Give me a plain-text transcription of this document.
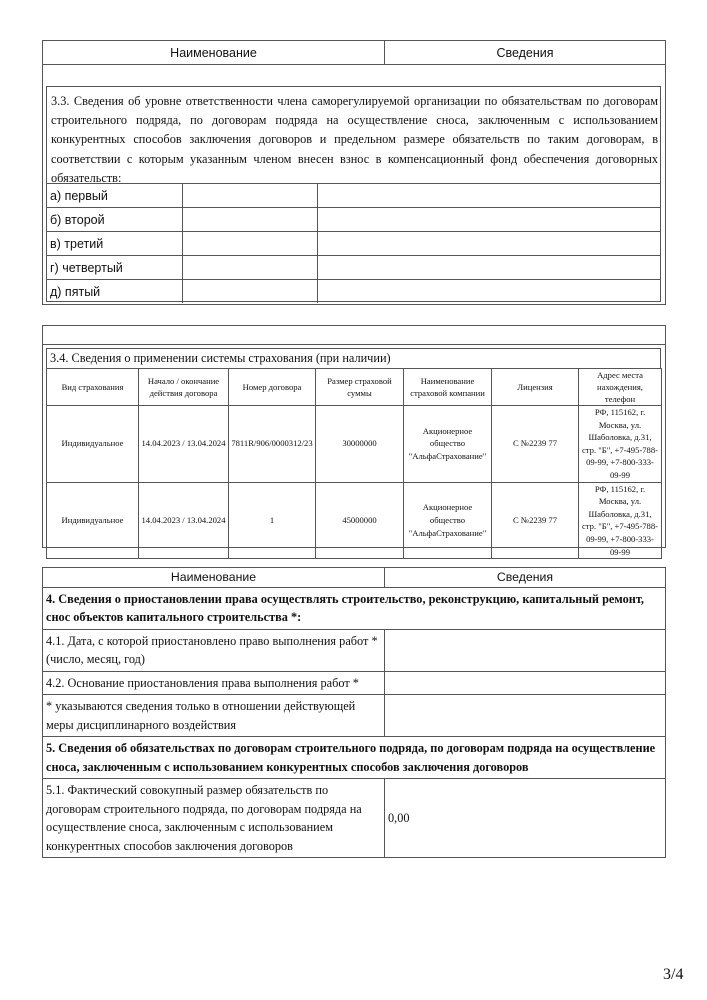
Наименование	Сведения
3.3. Сведения об уровне ответственности члена саморегулируемой организации по обязательствам по договорам строительного подряда, по договорам подряда на осуществление сноса, заключенным с использованием конкурентных способов заключения договоров и предельном размере обязательств по таким договорам, в соответствии с которым указанным членом внесен взнос в компенсационный фонд обеспечения договорных обязательств:
а) первый		
б) второй		
в) третий		
г) четвертый		
д) пятый		
3.4. Сведения о применении системы страхования (при наличии)
Вид страхования	Начало / окончание действия договора	Номер договора	Размер страховой суммы	Наименование страховой компании	Лицензия	Адрес места нахождения, телефон
Индивидуальное	14.04.2023 / 13.04.2024	7811R/906/0000312/23	30000000	Акционерное общество "АльфаСтрахование"	С №2239 77	РФ, 115162, г. Москва, ул. Шаболовка, д.31, стр. "Б", +7-495-788-09-99, +7-800-333-09-99
Индивидуальное	14.04.2023 / 13.04.2024	1	45000000	Акционерное общество "АльфаСтрахование"	С №2239 77	РФ, 115162, г. Москва, ул. Шаболовка, д.31, стр. "Б", +7-495-788-09-99, +7-800-333-09-99
Наименование	Сведения
4. Сведения о приостановлении права осуществлять строительство, реконструкцию, капитальный ремонт, снос объектов капитального строительства *:	
4.1. Дата, с которой приостановлено право выполнения работ * (число, месяц, год)	
4.2. Основание приостановления права выполнения работ *	
* указываются сведения только в отношении действующей меры дисциплинарного воздействия	
5. Сведения об обязательствах по договорам строительного подряда, по договорам подряда на осуществление сноса, заключенным с использованием конкурентных способов заключения договоров	
5.1. Фактический совокупный размер обязательств по договорам строительного подряда, по договорам подряда на осуществление сноса, заключенным с использованием конкурентных способов заключения договоров	0,00
3/4
